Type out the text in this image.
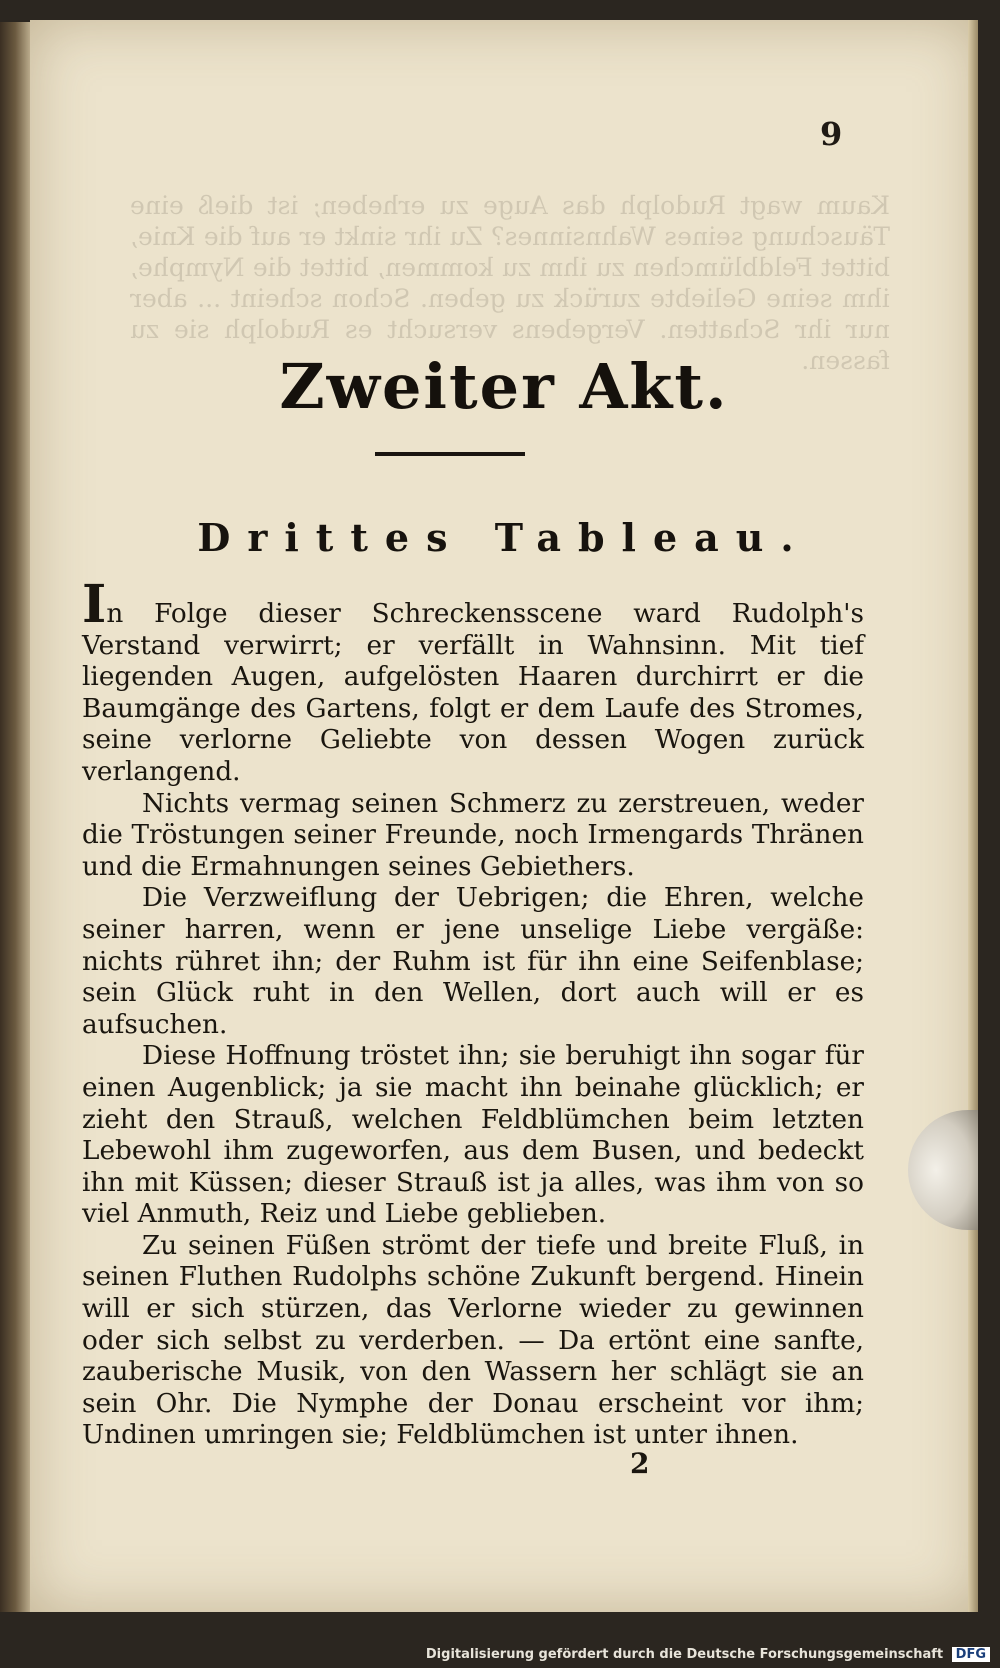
Kaum wagt Rudolph das Auge zu erheben; ist dieß eine Täuschung seines Wahnsinnes? Zu ihr sinkt er auf die Knie, bittet Feldblümchen zu ihm zu kommen, bittet die Nymphe, ihm seine Geliebte zurück zu geben. Schon scheint ... aber nur ihr Schatten. Vergebens versucht es Rudolph sie zu fassen.
9
Zweiter Akt.
Drittes Tableau.

In Folge dieser Schreckensscene ward Rudolph's Verstand verwirrt; er verfällt in Wahnsinn. Mit tief liegenden Augen, aufgelösten Haaren durchirrt er die Baumgänge des Gartens, folgt er dem Laufe des Stromes, seine verlorne Geliebte von dessen Wogen zurück verlangend.

Nichts vermag seinen Schmerz zu zerstreuen, weder die Tröstungen seiner Freunde, noch Irmengards Thränen und die Ermahnungen seines Gebiethers.

Die Verzweiflung der Uebrigen; die Ehren, welche seiner harren, wenn er jene unselige Liebe vergäße: nichts rühret ihn; der Ruhm ist für ihn eine Seifenblase; sein Glück ruht in den Wellen, dort auch will er es aufsuchen.

Diese Hoffnung tröstet ihn; sie beruhigt ihn sogar für einen Augenblick; ja sie macht ihn beinahe glücklich; er zieht den Strauß, welchen Feldblümchen beim letzten Lebewohl ihm zugeworfen, aus dem Busen, und bedeckt ihn mit Küssen; dieser Strauß ist ja alles, was ihm von so viel Anmuth, Reiz und Liebe geblieben.

Zu seinen Füßen strömt der tiefe und breite Fluß, in seinen Fluthen Rudolphs schöne Zukunft bergend. Hinein will er sich stürzen, das Verlorne wieder zu gewinnen oder sich selbst zu verderben. — Da ertönt eine sanfte, zauberische Musik, von den Wassern her schlägt sie an sein Ohr. Die Nymphe der Donau erscheint vor ihm; Undinen umringen sie; Feldblümchen ist unter ihnen.

2
Digitalisierung gefördert durch die Deutsche Forschungsgemeinschaft DFG
